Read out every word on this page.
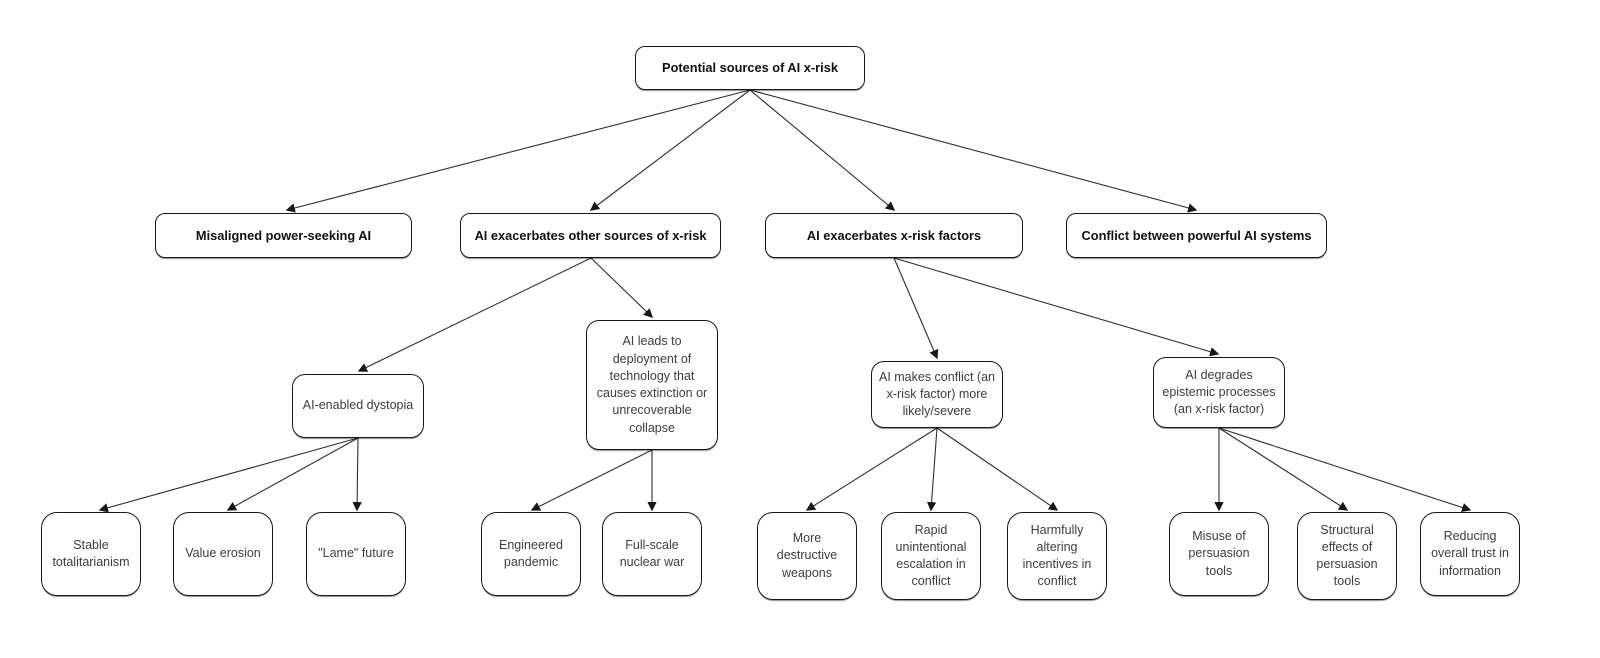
Potential sources of AI x-risk
Misaligned power-seeking AI	AI exacerbates other sources of x-risk	AI exacerbates x-risk factors	Conflict between powerful AI systems
AI-enabled dystopia
AI leads to deployment of technology that causes extinction or unrecoverable collapse
AI makes conflict (an x-risk factor) more likely/severe
AI degrades epistemic processes (an x-risk factor)
Stable totalitarianism
Value erosion	"Lame" future
Engineered pandemic
Full-scale nuclear war
More destructive weapons
Rapid unintentional escalation in conflict
Harmfully altering incentives in conflict
Misuse of persuasion tools
Structural effects of persuasion tools
Reducing overall trust in information
